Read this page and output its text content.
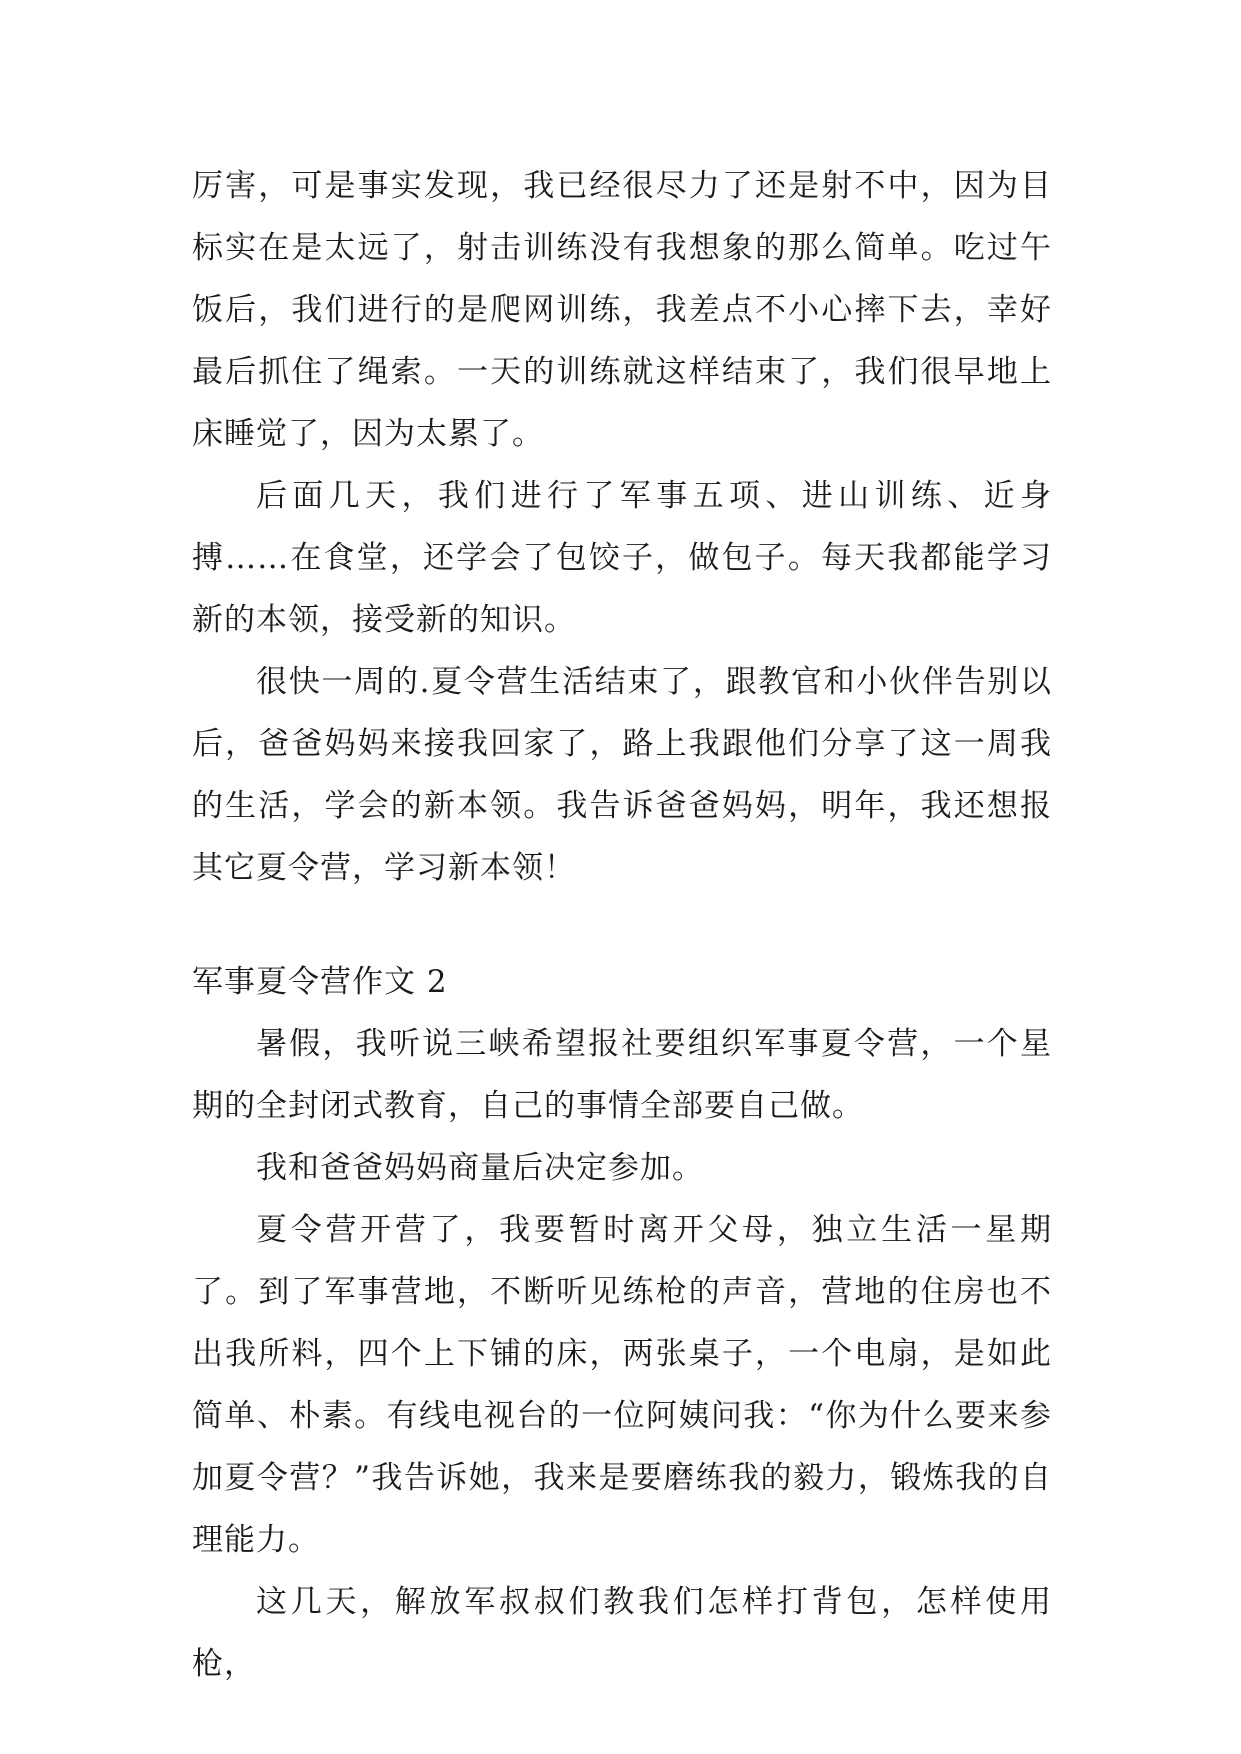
厉害，可是事实发现，我已经很尽力了还是射不中，因为目标实在是太远了，射击训练没有我想象的那么简单。吃过午饭后，我们进行的是爬网训练，我差点不小心摔下去，幸好最后抓住了绳索。一天的训练就这样结束了，我们很早地上床睡觉了，因为太累了。

后面几天，我们进行了军事五项、进山训练、近身搏……在食堂，还学会了包饺子，做包子。每天我都能学习新的本领，接受新的知识。

很快一周的.夏令营生活结束了，跟教官和小伙伴告别以后，爸爸妈妈来接我回家了，路上我跟他们分享了这一周我的生活，学会的新本领。我告诉爸爸妈妈，明年，我还想报其它夏令营，学习新本领！

军事夏令营作文 2

暑假，我听说三峡希望报社要组织军事夏令营，一个星期的全封闭式教育，自己的事情全部要自己做。

我和爸爸妈妈商量后决定参加。

夏令营开营了，我要暂时离开父母，独立生活一星期了。到了军事营地，不断听见练枪的声音，营地的住房也不出我所料，四个上下铺的床，两张桌子，一个电扇，是如此简单、朴素。有线电视台的一位阿姨问我：“你为什么要来参加夏令营？”我告诉她，我来是要磨练我的毅力，锻炼我的自理能力。

这几天，解放军叔叔们教我们怎样打背包，怎样使用枪，
